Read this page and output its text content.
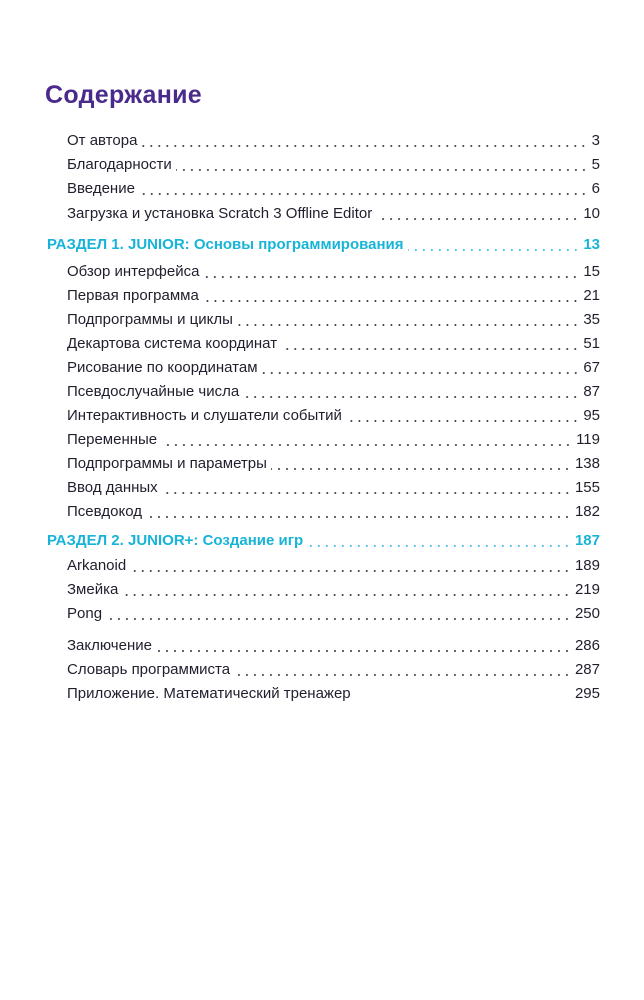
Содержание
От автора	3
Благодарности	5
Введение	6
Загрузка и установка Scratch 3 Offline Editor	10
РАЗДЕЛ 1. JUNIOR: Основы программирования	13
Обзор интерфейса	15
Первая программа	21
Подпрограммы и циклы	35
Декартова система координат	51
Рисование по координатам	67
Псевдослучайные числа	87
Интерактивность и слушатели событий	95
Переменные	119
Подпрограммы и параметры	138
Ввод данных	155
Псевдокод	182
РАЗДЕЛ 2. JUNIOR+: Создание игр	187
Arkanoid	189
Змейка	219
Pong	250
Заключение	286
Словарь программиста	287
Приложение. Математический тренажер	295
